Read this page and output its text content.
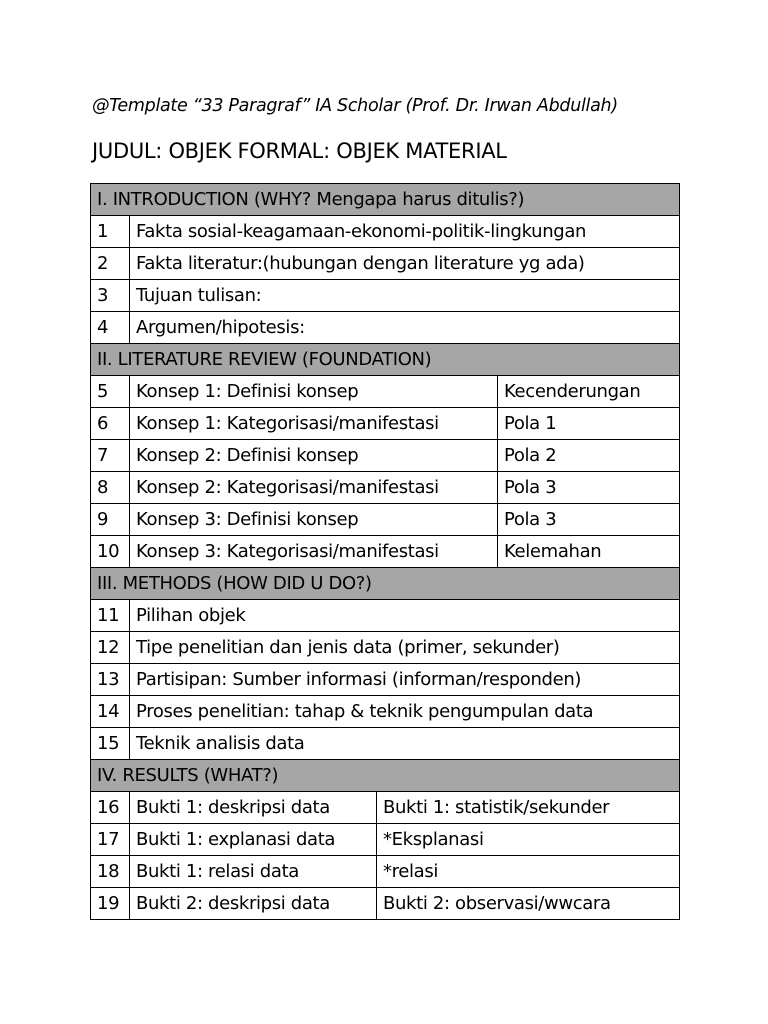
@Template “33 Paragraf” IA Scholar (Prof. Dr. Irwan Abdullah)
JUDUL: OBJEK FORMAL: OBJEK MATERIAL
I. INTRODUCTION (WHY? Mengapa harus ditulis?)			
1	Fakta sosial-keagamaan-ekonomi-politik-lingkungan		
2	Fakta literatur:(hubungan dengan literature yg ada)		
3	Tujuan tulisan:		
4	Argumen/hipotesis:		
II. LITERATURE REVIEW (FOUNDATION)			
5	Konsep 1: Definisi konsep		Kecenderungan
6	Konsep 1: Kategorisasi/manifestasi		Pola 1
7	Konsep 2: Definisi konsep		Pola 2
8	Konsep 2: Kategorisasi/manifestasi		Pola 3
9	Konsep 3: Definisi konsep		Pola 3
10	Konsep 3: Kategorisasi/manifestasi		Kelemahan
III. METHODS (HOW DID U DO?)			
11	Pilihan objek		
12	Tipe penelitian dan jenis data (primer, sekunder)		
13	Partisipan: Sumber informasi (informan/responden)		
14	Proses penelitian: tahap & teknik pengumpulan data		
15	Teknik analisis data		
IV. RESULTS (WHAT?)			
16	Bukti 1: deskripsi data	Bukti 1: statistik/sekunder	
17	Bukti 1: explanasi data	*Eksplanasi	
18	Bukti 1: relasi data	*relasi	
19	Bukti 2: deskripsi data	Bukti 2: observasi/wwcara	
